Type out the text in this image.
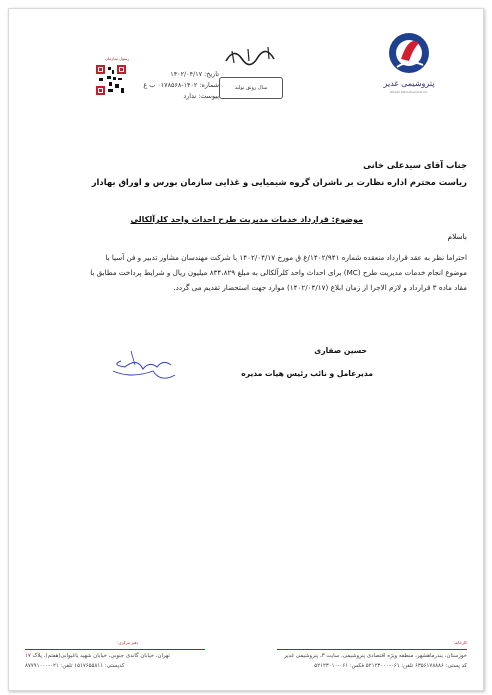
پتروشیمی غدیر
Ghadir Petrochemical Co.
سال رونق تولید
رسول سازمان
تاریخ: ۱۴۰۲/۰۴/۱۷
شماره: ۱۴۰۲-۰۱۷۸۵۶۸ ب غ
پیوست: ندارد
جناب آقای سیدعلی خانی
ریاست محترم اداره نظارت بر ناشران گروه شیمیایی و غذایی سازمان بورس و اوراق بهادار
موضوع: قرارداد خدمات مدیریت طرح احداث واحد کلرآلکالی
باسلام
احتراما نظر به عقد قرارداد منعقده شماره ۱۴۰۲/۹۴۱/غ ق مورخ ۱۴۰۲/۰۴/۱۷ با شرکت مهندسان مشاور تدبیر و فن آسیا با
موضوع انجام خدمات مدیریت طرح (MC) برای احداث واحد کلرآلکالی به مبلغ ۸۳۴،۸۲۹ میلیون ریال و شرایط پرداخت مطابق با
مقاد ماده ۳ قرارداد و لازم الاجرا از زمان ابلاغ (۱۴۰۲/۰۴/۱۷) موارد جهت استحضار تقدیم می گردد.
حسین صفاری
مدیرعامل و نائب رئیس هیات مدیره
کارخانه:
خوزستان، بندرماهشهر، منطقه ویژه اقتصادی پتروشیمی، سایت ۳، پتروشیمی غدیر
کد پستی: ۶۳۵۶۱۷۸۸۸۶ تلفن: ۰۶۱-۵۲۱۲۳۰۰۰ فکس: ۰۶۱-۵۲۱۲۳۰۱۰
دفتر مرکزی:
تهران، خیابان گاندی جنوبی، خیابان شهید یاغیوانی(هفتم)، پلاک ۱۷
کدپستی: ۱۵۱۷۶۵۵۸۱۱ تلفن: ۰۲۱-۸۷۷۹۱۰۰۰
